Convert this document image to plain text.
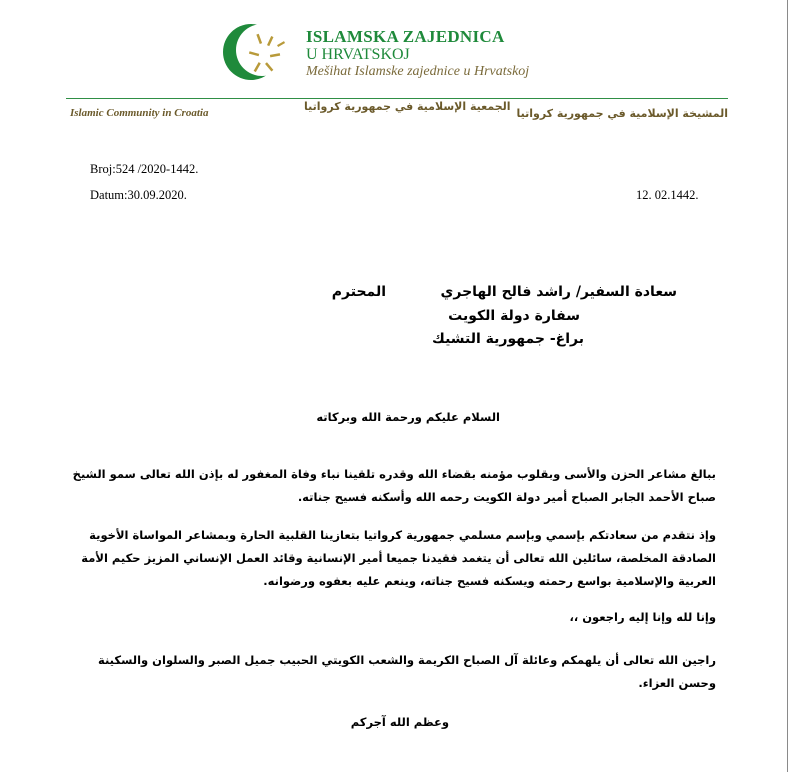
ISLAMSKA ZAJEDNICA
U HRVATSKOJ
Mešihat Islamske zajednice u Hrvatskoj
Islamic Community in Croatia	الجمعية الإسلامية في جمهورية كرواتيا
المشيخة الإسلامية في جمهورية كرواتيا
Broj:524 /2020-1442.
Datum:30.09.2020.	12. 02.1442.
سعادة السفير/ راشد فالح الهاجري
المحترم
سفارة دولة الكويت
براغ- جمهورية التشيك
السلام عليكم ورحمة الله وبركاته
ببالغ مشاعر الحزن والأسى وبقلوب مؤمنه بقضاء الله وقدره تلقينا نباء وفاة المغفور له بإذن الله تعالى سمو الشيخ صباح الأحمد الجابر الصباح أمير دولة الكويت رحمه الله وأسكنه فسيح جناته.
وإذ نتقدم من سعادتكم بإسمي وبإسم مسلمي جمهورية كرواتيا بتعازينا القلبية الحارة وبمشاعر المواساة الأخوية الصادقة المخلصة، سائلين الله تعالى أن يتغمد فقيدنا جميعا أمير الإنسانية وقائد العمل الإنساني المزيز حكيم الأمة العربية والإسلامية بواسع رحمته ويسكنه فسيح جناته، وينعم عليه بعفوه ورضوانه.
وإنا لله وإنا إليه راجعون ،،
راجين الله تعالى أن يلهمكم وعائلة آل الصباح الكريمة والشعب الكويتي الحبيب جميل الصبر والسلوان والسكينة وحسن العزاء.
وعظم الله آجركم
